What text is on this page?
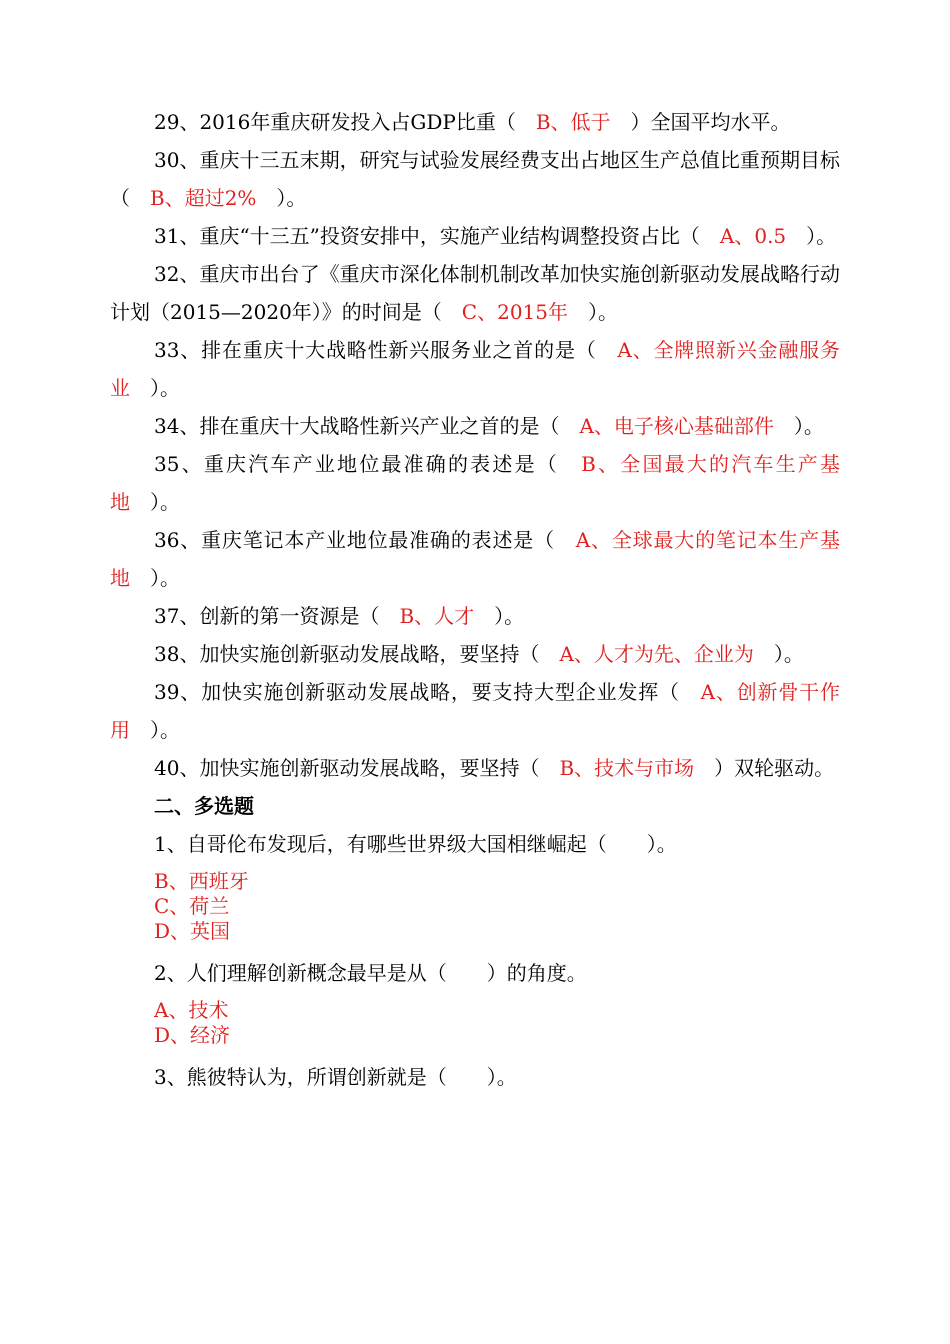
29、2016年重庆研发投入占GDP比重（　B、低于　）全国平均水平。

30、重庆十三五末期，研究与试验发展经费支出占地区生产总值比重预期目标（　B、超过2%　）。

31、重庆“十三五”投资安排中，实施产业结构调整投资占比（　A、0.5　）。

32、重庆市出台了《重庆市深化体制机制改革加快实施创新驱动发展战略行动计划（2015—2020年）》的时间是（　C、2015年　）。

33、排在重庆十大战略性新兴服务业之首的是（　A、全牌照新兴金融服务业　）。

34、排在重庆十大战略性新兴产业之首的是（　A、电子核心基础部件　）。

35、重庆汽车产业地位最准确的表述是（　B、全国最大的汽车生产基地　）。

36、重庆笔记本产业地位最准确的表述是（　A、全球最大的笔记本生产基地　）。

37、创新的第一资源是（　B、人才　）。

38、加快实施创新驱动发展战略，要坚持（　A、人才为先、企业为　）。

39、加快实施创新驱动发展战略，要支持大型企业发挥（　A、创新骨干作用　）。

40、加快实施创新驱动发展战略，要坚持（　B、技术与市场　）双轮驱动。

二、多选题

1、自哥伦布发现后，有哪些世界级大国相继崛起（　　）。

B、西班牙

C、荷兰

D、英国

2、人们理解创新概念最早是从（　　）的角度。

A、技术

D、经济

3、熊彼特认为，所谓创新就是（　　）。
